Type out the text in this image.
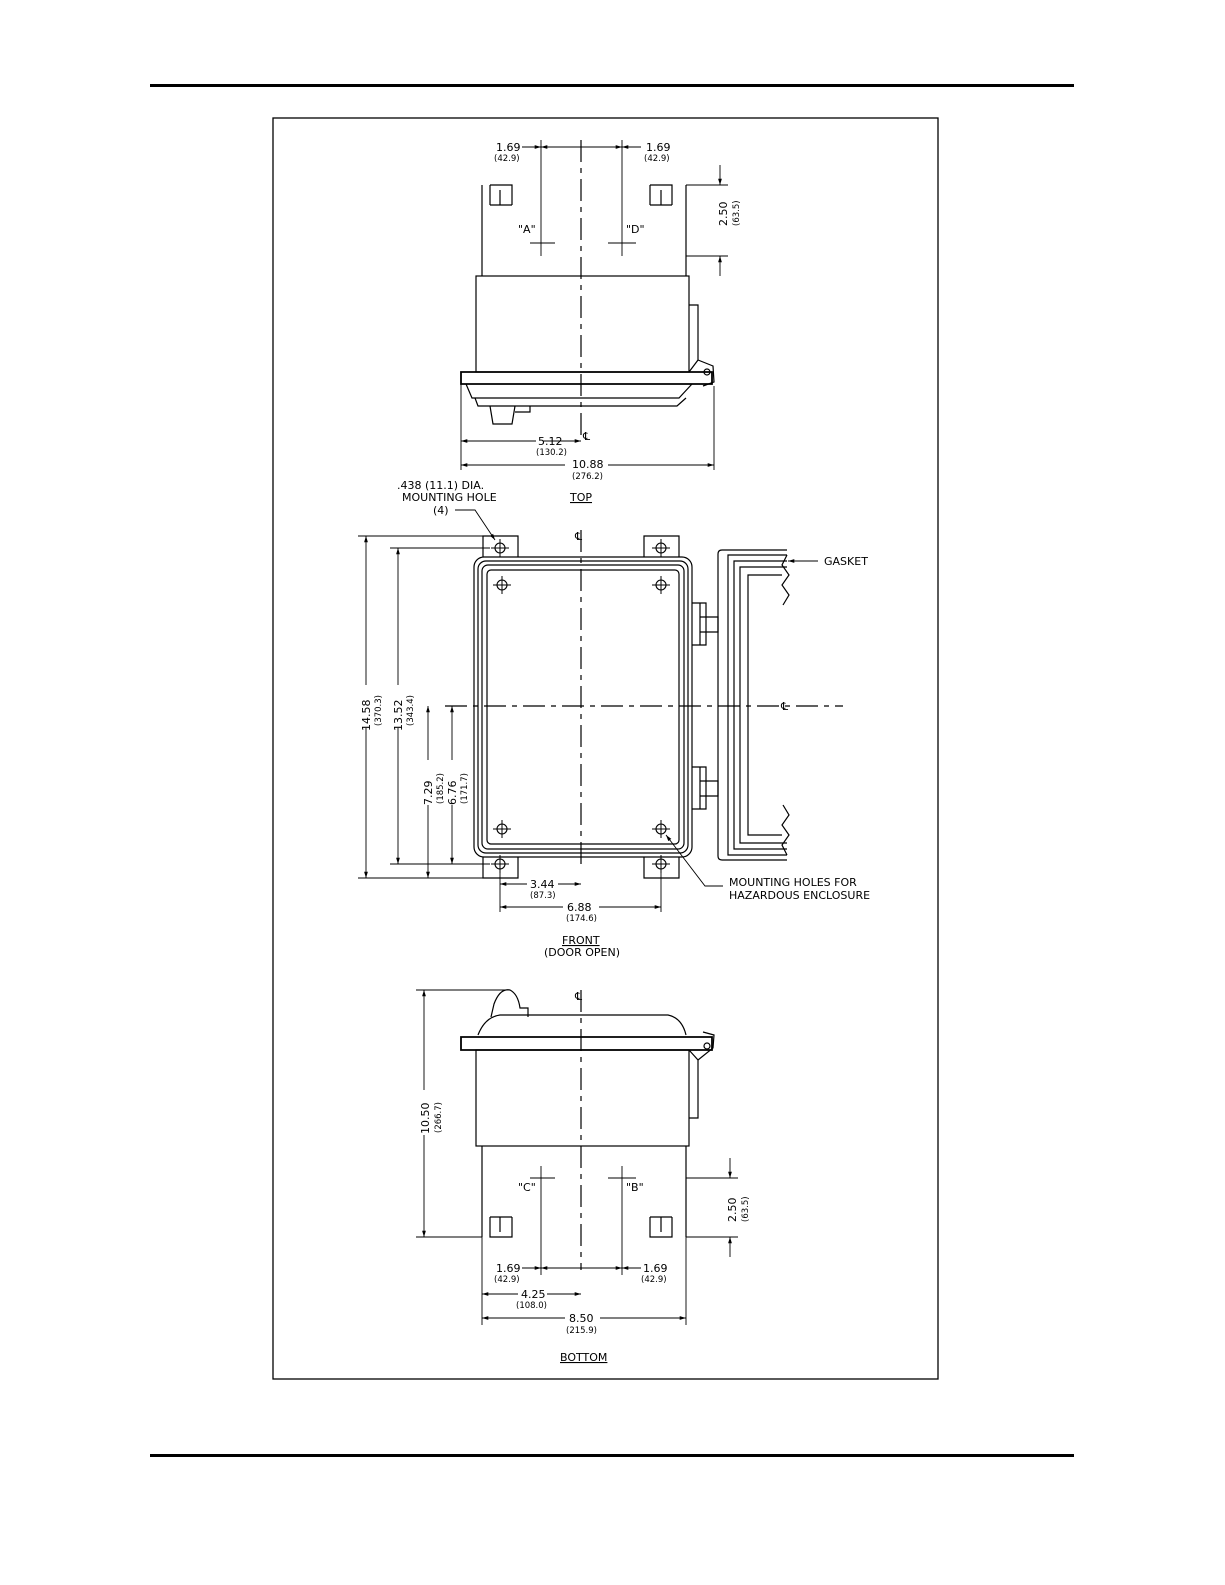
"A"	"D"
1.69
(42.9)
1.69
(42.9)
2.50 (63.5)
℄
5.12
(130.2)
10.88
(276.2)
TOP
℄
℄
GASKET
.438 (11.1) DIA.
MOUNTING HOLE
(4)
MOUNTING HOLES FOR
HAZARDOUS ENCLOSURE
14.58 (370.3) 13.52 (343.4)
7.29 (185.2) 6.76 (171.7)
3.44
(87.3)
6.88
(174.6)
FRONT
(DOOR OPEN)
℄
"C"	"B"
10.50 (266.7)
2.50 (63.5)
1.69
(42.9)
1.69
(42.9)
4.25
(108.0)
8.50
(215.9)
BOTTOM
